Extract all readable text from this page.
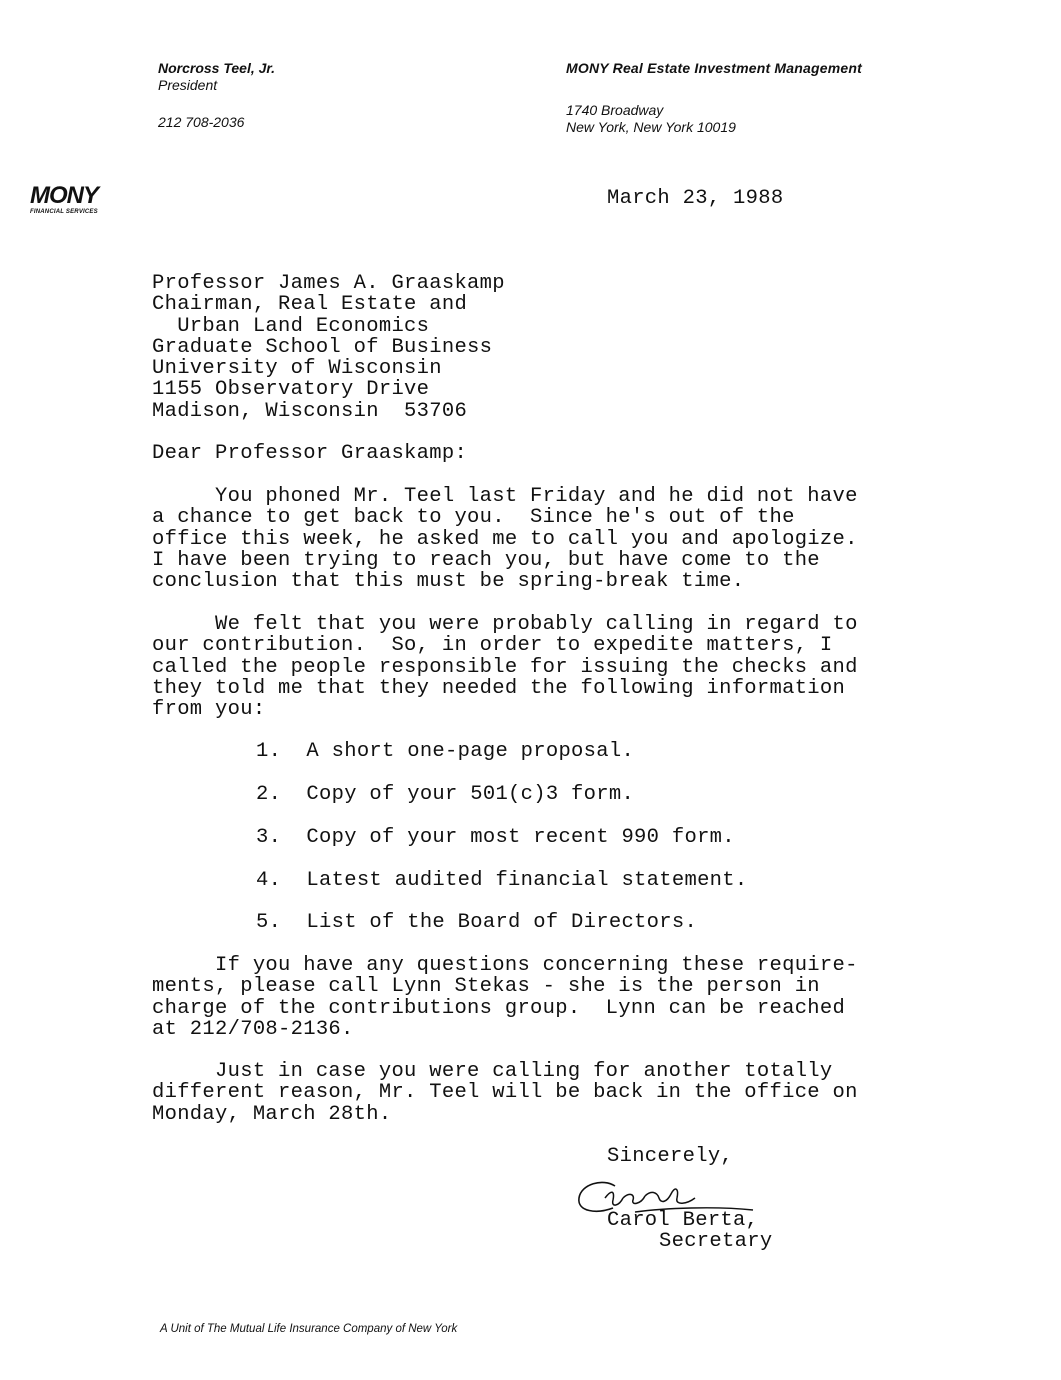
Norcross Teel, Jr.
President
212 708-2036
MONY Real Estate Investment Management
1740 Broadway
New York, New York 10019
MONY
FINANCIAL SERVICES
March 23, 1988
Professor James A. Graaskamp
Chairman, Real Estate and
Urban Land Economics
Graduate School of Business
University of Wisconsin
1155 Observatory Drive
Madison, Wisconsin  53706
Dear Professor Graaskamp:
You phoned Mr. Teel last Friday and he did not have
a chance to get back to you.  Since he's out of the
office this week, he asked me to call you and apologize.
I have been trying to reach you, but have come to the
conclusion that this must be spring-break time.
We felt that you were probably calling in regard to
our contribution.  So, in order to expedite matters, I
called the people responsible for issuing the checks and
they told me that they needed the following information
from you:
1.  A short one-page proposal.
2.  Copy of your 501(c)3 form.
3.  Copy of your most recent 990 form.
4.  Latest audited financial statement.
5.  List of the Board of Directors.
If you have any questions concerning these require-
ments, please call Lynn Stekas - she is the person in
charge of the contributions group.  Lynn can be reached
at 212/708-2136.
Just in case you were calling for another totally
different reason, Mr. Teel will be back in the office on
Monday, March 28th.
Sincerely,
Carol Berta,
Secretary
A Unit of The Mutual Life Insurance Company of New York
